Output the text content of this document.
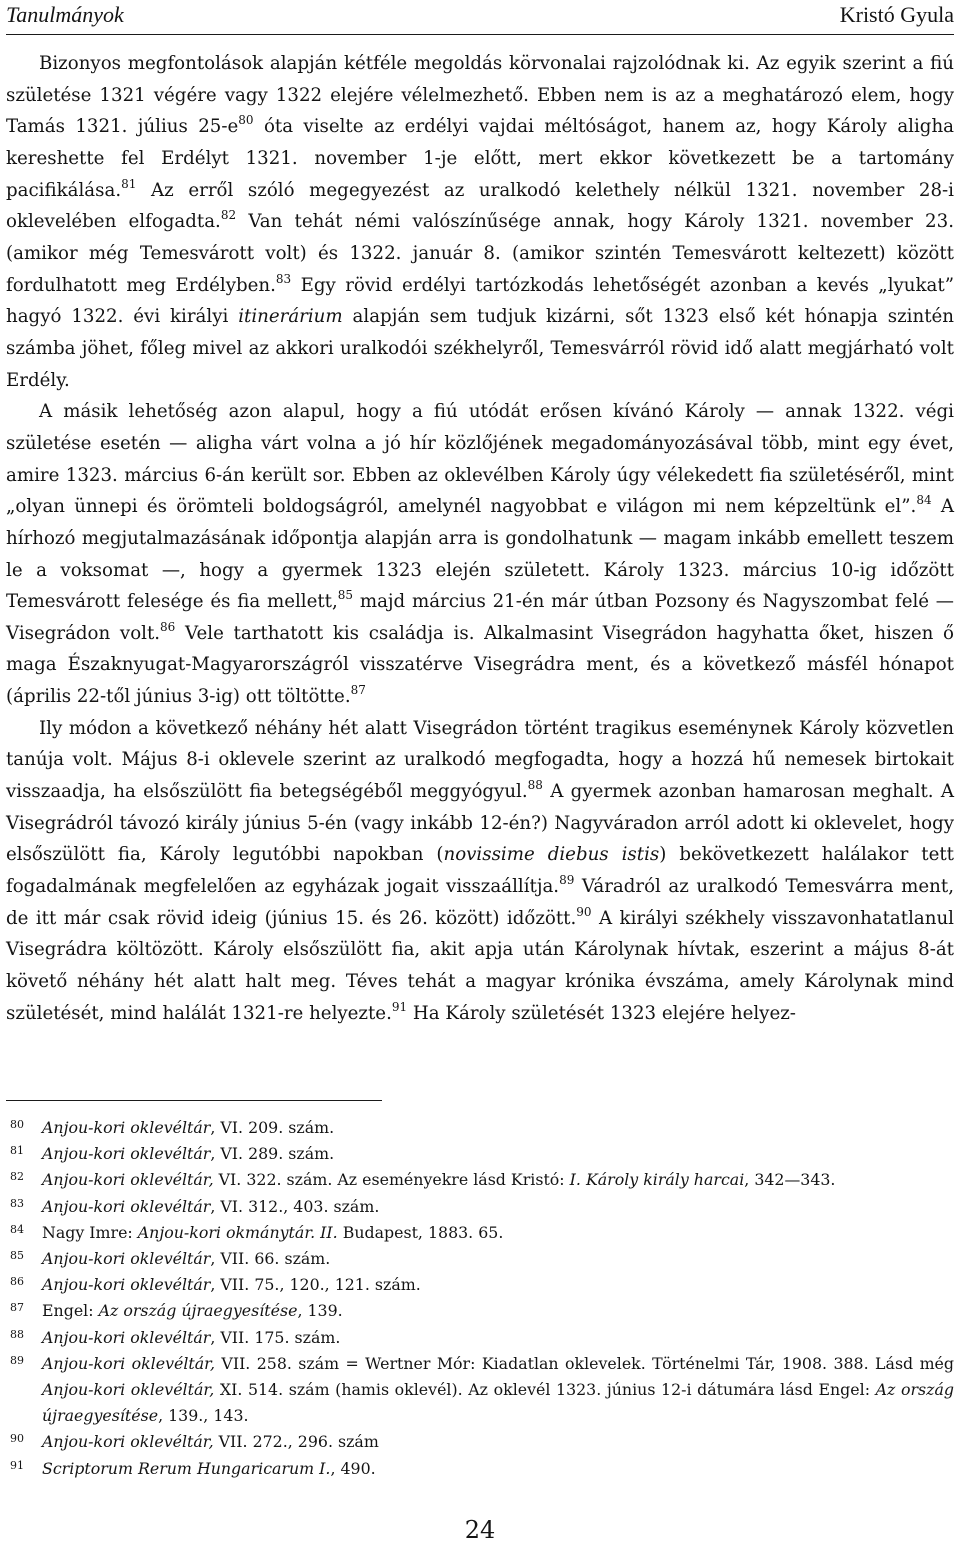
Tanulmányok	Kristó Gyula

Bizonyos megfontolások alapján kétféle megoldás körvonalai rajzolódnak ki. Az egyik szerint a fiú születése 1321 végére vagy 1322 elejére vélelmezhető. Ebben nem is az a meghatározó elem, hogy Tamás 1321. július $25-e^{80}$ óta viselte az erdélyi vajdai méltóságot, hanem az, hogy Károly aligha kereshette fel Erdélyt 1321. november 1-je előtt, mert ekkor következett be a tartomány pacifikálása.$^{81}$ Az erről szóló megegyezést az uralkodó kelethely nélkül 1321. november 28-i oklevelében elfogadta.$^{82}$ Van tehát némi valószínűsége annak, hogy Károly 1321. november 23. (amikor még Temesvárott volt) és 1322. január 8. (amikor szintén Temesvárott keltezett) között fordulhatott meg Erdélyben.$^{83}$ Egy rövid erdélyi tartózkodás lehetőségét azonban a kevés „lyukat” hagyó 1322. évi királyi itinerárium alapján sem tudjuk kizárni, sőt 1323 első két hónapja szintén számba jöhet, főleg mivel az akkori uralkodói székhelyről, Temesvárról rövid idő alatt megjárható volt Erdély.

A másik lehetőség azon alapul, hogy a fiú utódát erősen kívánó Károly — annak 1322. végi születése esetén — aligha várt volna a jó hír közlőjének megadományozásával több, mint egy évet, amire 1323. március 6-án került sor. Ebben az oklevélben Károly úgy vélekedett fia születéséről, mint „olyan ünnepi és örömteli boldogságról, amelynél nagyobbat e világon mi nem képzeltünk el”.$^{84}$ A hírhozó megjutalmazásának időpontja alapján arra is gondolhatunk — magam inkább emellett teszem le a voksomat —, hogy a gyermek 1323 elején született. Károly 1323. március 10-ig időzött Temesvárott felesége és fia mellett,$^{85}$ majd március 21-én már útban Pozsony és Nagyszombat felé — Visegrádon volt.$^{86}$ Vele tarthatott kis családja is. Alkalmasint Visegrádon hagyhatta őket, hiszen ő maga Északnyugat-Magyarországról visszatérve Visegrádra ment, és a következő másfél hónapot (április 22-től június 3-ig) ott töltötte.$^{87}$

Ily módon a következő néhány hét alatt Visegrádon történt tragikus eseménynek Károly közvetlen tanúja volt. Május 8-i oklevele szerint az uralkodó megfogadta, hogy a hozzá hű nemesek birtokait visszaadja, ha elsőszülött fia betegségéből meggyógyul.$^{88}$ A gyermek azonban hamarosan meghalt. A Visegrádról távozó király június 5-én (vagy inkább 12-én?) Nagyváradon arról adott ki oklevelet, hogy elsőszülött fia, Károly legutóbbi napokban (novissime diebus istis) bekövetkezett halálakor tett fogadalmának megfelelően az egyházak jogait visszaállítja.$^{89}$ Váradról az uralkodó Temesvárra ment, de itt már csak rövid ideig (június 15. és 26. között) időzött.$^{90}$ A királyi székhely visszavonhatatlanul Visegrádra költözött. Károly elsőszülött fia, akit apja után Károlynak hívtak, eszerint a május 8-át követő néhány hét alatt halt meg. Téves tehát a magyar krónika évszáma, amely Károlynak mind születését, mind halálát 1321-re helyezte.$^{91}$ Ha Károly születését 1323 elejére helyez-

80 Anjou-kori oklevéltár, VI. 209. szám.
81 Anjou-kori oklevéltár, VI. 289. szám.
82 Anjou-kori oklevéltár, VI. 322. szám. Az eseményekre lásd Kristó: I. Károly király harcai, 342—343.
83 Anjou-kori oklevéltár, VI. 312., 403. szám.
84 Nagy Imre: Anjou-kori okmánytár. II. Budapest, 1883. 65.
85 Anjou-kori oklevéltár, VII. 66. szám.
86 Anjou-kori oklevéltár, VII. 75., 120., 121. szám.
87 Engel: Az ország újraegyesítése, 139.
88 Anjou-kori oklevéltár, VII. 175. szám.
89 Anjou-kori oklevéltár, VII. 258. szám = Wertner Mór: Kiadatlan oklevelek. Történelmi Tár, 1908. 388. Lásd még Anjou-kori oklevéltár, XI. 514. szám (hamis oklevél). Az oklevél 1323. június 12-i dátumára lásd Engel: Az ország újraegyesítése, 139., 143.
90 Anjou-kori oklevéltár, VII. 272., 296. szám
91 Scriptorum Rerum Hungaricarum I., 490.
24
